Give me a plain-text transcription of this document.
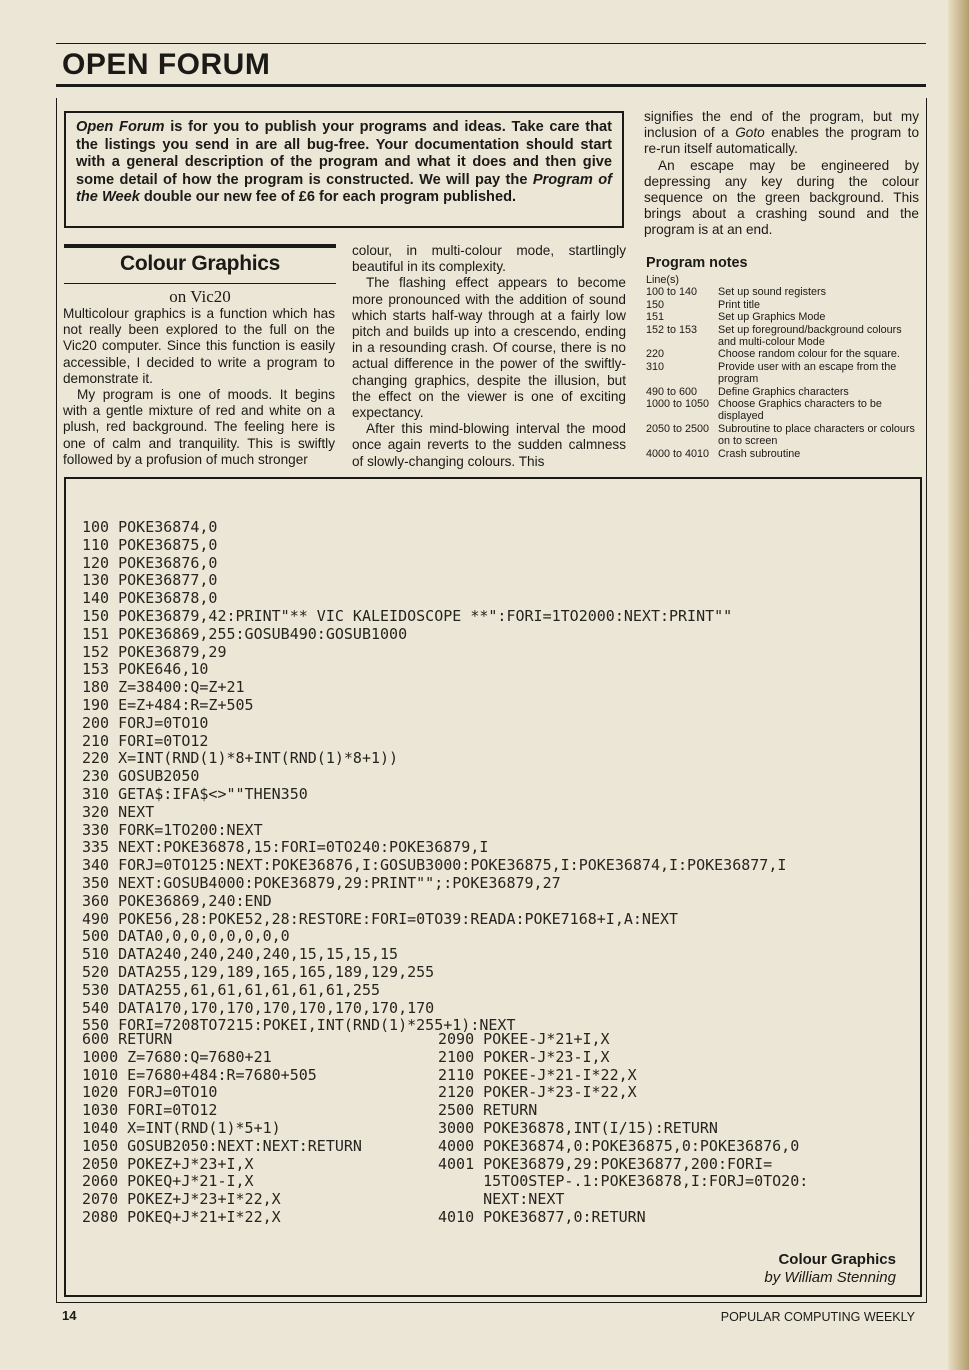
OPEN FORUM
Open Forum is for you to publish your programs and ideas. Take care that the listings you send in are all bug-free. Your documentation should start with a general description of the program and what it does and then give some detail of how the program is constructed. We will pay the Program of the Week double our new fee of £6 for each program published.
Colour Graphics
on Vic20

Multicolour graphics is a function which has not really been explored to the full on the Vic20 computer. Since this function is easily accessible, I decided to write a program to demonstrate it.

My program is one of moods. It begins with a gentle mixture of red and white on a plush, red background. The feeling here is one of calm and tranquility. This is swiftly followed by a profusion of much stronger

colour, in multi-colour mode, startlingly beautiful in its complexity.

The flashing effect appears to become more pronounced with the addition of sound which starts half-way through at a fairly low pitch and builds up into a crescendo, ending in a resounding crash. Of course, there is no actual difference in the power of the swiftly-changing graphics, despite the illusion, but the effect on the viewer is one of exciting expectancy.

After this mind-blowing interval the mood once again reverts to the sudden calmness of slowly-changing colours. This

signifies the end of the program, but my inclusion of a Goto enables the program to re-run itself automatically.

An escape may be engineered by depressing any key during the colour sequence on the green background. This brings about a crashing sound and the program is at an end.

Program notes
Line(s)	
100 to 140	Set up sound registers
150	Print title
151	Set up Graphics Mode
152 to 153	Set up foreground/background colours and multi-colour Mode
220	Choose random colour for the square.
310	Provide user with an escape from the program
490 to 600	Define Graphics characters
1000 to 1050	Choose Graphics characters to be displayed
2050 to 2500	Subroutine to place characters or colours on to screen
4000 to 4010	Crash subroutine
100 POKE36874,0
110 POKE36875,0
120 POKE36876,0
130 POKE36877,0
140 POKE36878,0
150 POKE36879,42:PRINT"** VIC KALEIDOSCOPE **":FORI=1TO2000:NEXT:PRINT""
151 POKE36869,255:GOSUB490:GOSUB1000
152 POKE36879,29
153 POKE646,10
180 Z=38400:Q=Z+21
190 E=Z+484:R=Z+505
200 FORJ=0TO10
210 FORI=0TO12
220 X=INT(RND(1)*8+INT(RND(1)*8+1))
230 GOSUB2050
310 GETA$:IFA$<>""THEN350
320 NEXT
330 FORK=1TO200:NEXT
335 NEXT:POKE36878,15:FORI=0TO240:POKE36879,I
340 FORJ=0TO125:NEXT:POKE36876,I:GOSUB3000:POKE36875,I:POKE36874,I:POKE36877,I
350 NEXT:GOSUB4000:POKE36879,29:PRINT"";:POKE36879,27
360 POKE36869,240:END
490 POKE56,28:POKE52,28:RESTORE:FORI=0TO39:READA:POKE7168+I,A:NEXT
500 DATA0,0,0,0,0,0,0,0
510 DATA240,240,240,240,15,15,15,15
520 DATA255,129,189,165,165,189,129,255
530 DATA255,61,61,61,61,61,61,255
540 DATA170,170,170,170,170,170,170,170
550 FORI=7208TO7215:POKEI,INT(RND(1)*255+1):NEXT
600 RETURN
1000 Z=7680:Q=7680+21
1010 E=7680+484:R=7680+505
1020 FORJ=0TO10
1030 FORI=0TO12
1040 X=INT(RND(1)*5+1)
1050 GOSUB2050:NEXT:NEXT:RETURN
2050 POKEZ+J*23+I,X
2060 POKEQ+J*21-I,X
2070 POKEZ+J*23+I*22,X
2080 POKEQ+J*21+I*22,X
2090 POKEE-J*21+I,X
2100 POKER-J*23-I,X
2110 POKEE-J*21-I*22,X
2120 POKER-J*23-I*22,X
2500 RETURN
3000 POKE36878,INT(I/15):RETURN
4000 POKE36874,0:POKE36875,0:POKE36876,0
4001 POKE36879,29:POKE36877,200:FORI=
15TO0STEP-.1:POKE36878,I:FORJ=0TO20:
NEXT:NEXT
4010 POKE36877,0:RETURN
Colour Graphics
by William Stenning
14	POPULAR COMPUTING WEEKLY
